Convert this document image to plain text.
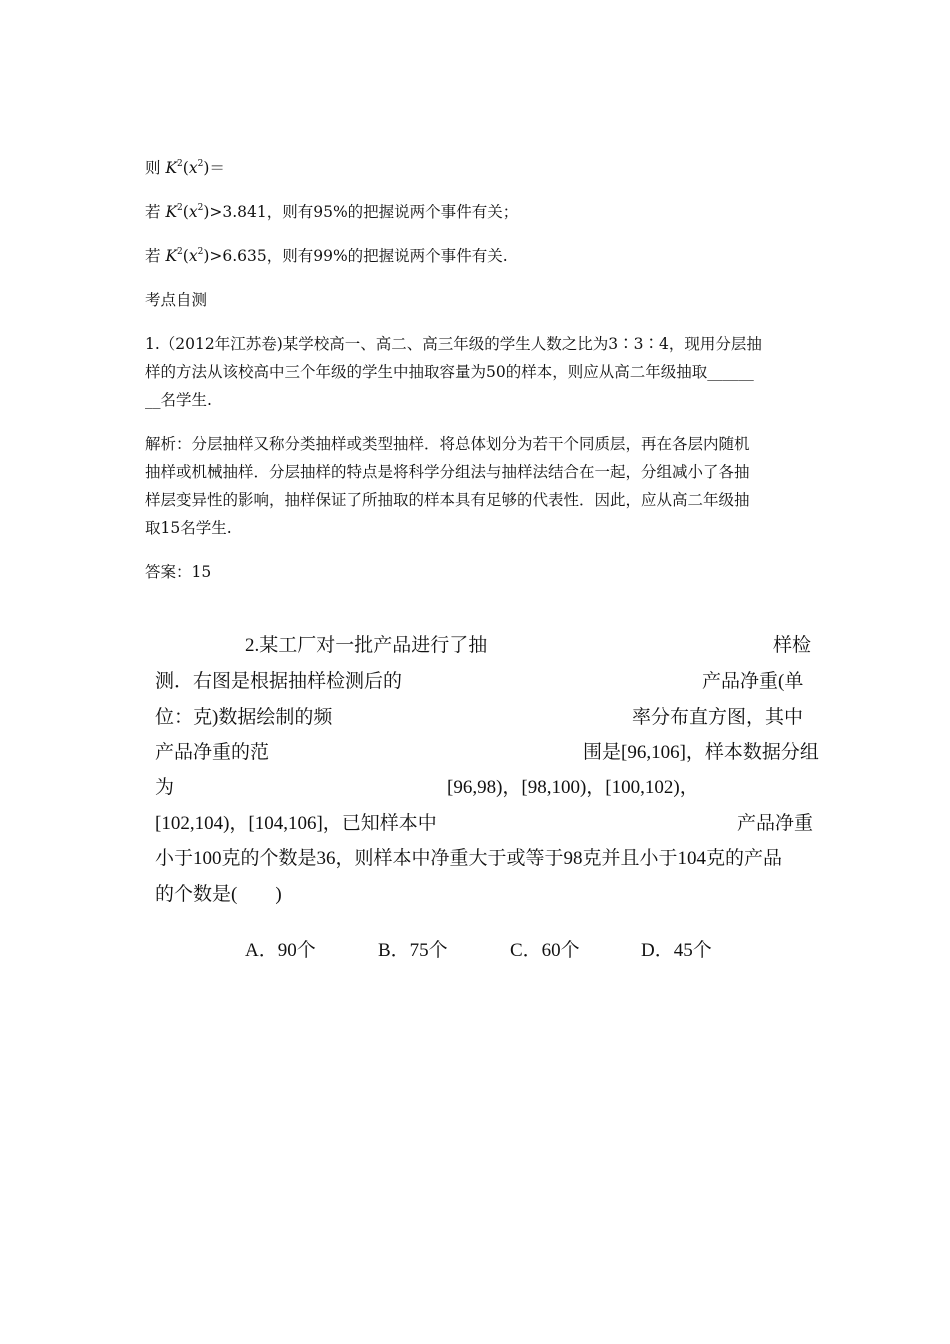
则 $K^2(x^2)=$
若 $K^2(x^2)>3.841$，则有95%的把握说两个事件有关；
若 $K^2(x^2)>6.635$，则有99%的把握说两个事件有关.
考点自测
1.（2012年江苏卷)某学校高一、高二、高三年级的学生人数之比为3∶3∶4，现用分层抽
样的方法从该校高中三个年级的学生中抽取容量为50的样本，则应从高二年级抽取______
__名学生.
解析：分层抽样又称分类抽样或类型抽样．将总体划分为若干个同质层，再在各层内随机
抽样或机械抽样．分层抽样的特点是将科学分组法与抽样法结合在一起，分组减小了各抽
样层变异性的影响，抽样保证了所抽取的样本具有足够的代表性．因此，应从高二年级抽
取15名学生.
答案：15
2.某工厂对一批产品进行了抽	样检
测．右图是根据抽样检测后的	产品净重(单
位：克)数据绘制的频	率分布直方图，其中
产品净重的范	围是[96,106]，样本数据分组
为	[96,98)，[98,100)，[100,102)，
[102,104)，[104,106]，已知样本中	产品净重
小于100克的个数是36，则样本中净重大于或等于98克并且小于104克的产品
的个数是(　　)
A．90个	B．75个	C．60个	D．45个
